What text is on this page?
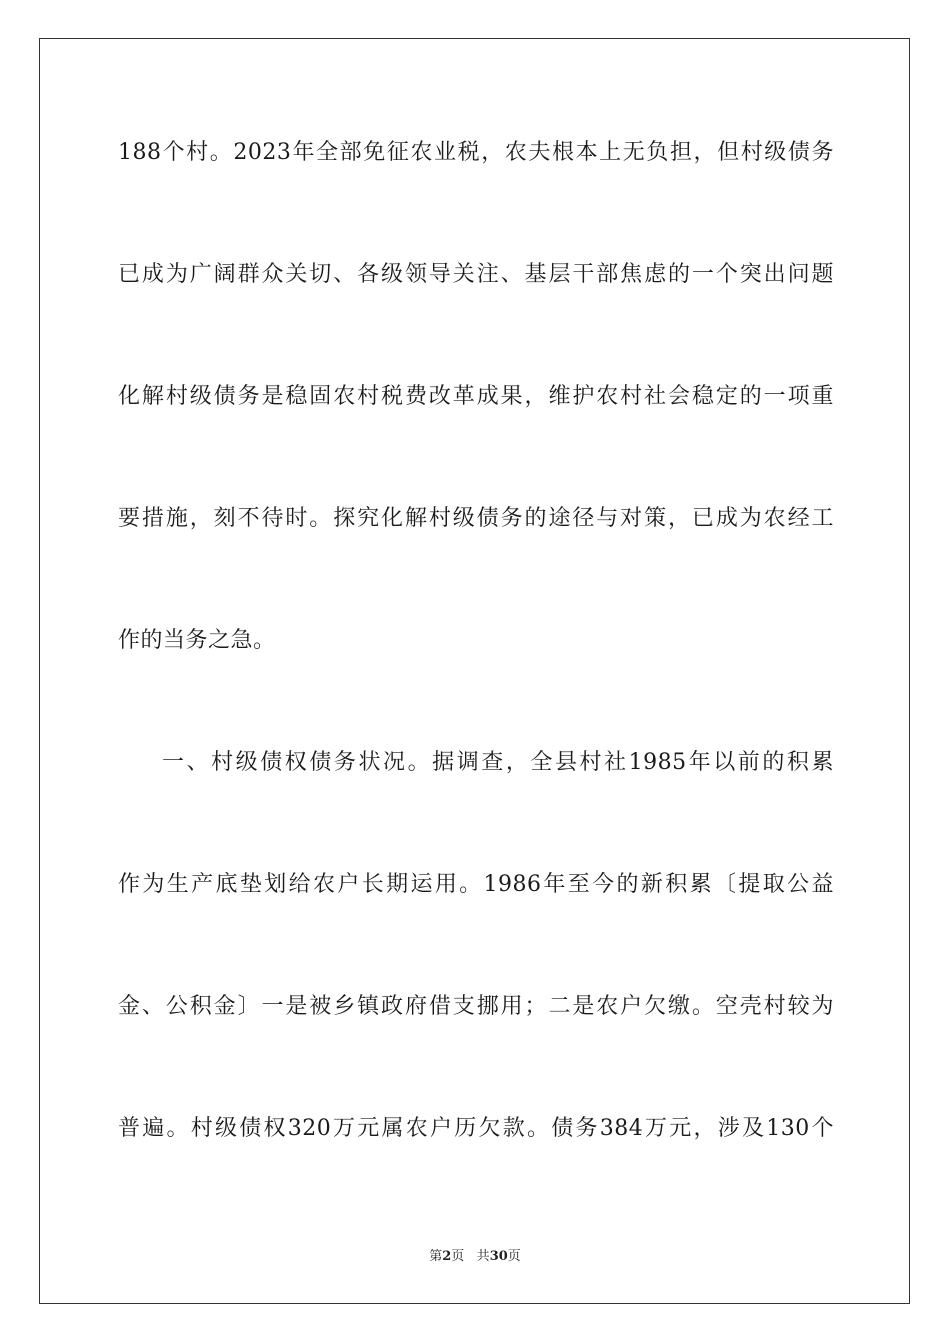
188个村。2023年全部免征农业税，农夫根本上无负担，但村级债务
已成为广阔群众关切、各级领导关注、基层干部焦虑的一个突出问题
化解村级债务是稳固农村税费改革成果，维护农村社会稳定的一项重
要措施，刻不待时。探究化解村级债务的途径与对策，已成为农经工
作的当务之急。
一、村级债权债务状况。据调查，全县村社1985年以前的积累
作为生产底垫划给农户长期运用。1986年至今的新积累〔提取公益
金、公积金〕一是被乡镇政府借支挪用；二是农户欠缴。空壳村较为
普遍。村级债权320万元属农户历欠款。债务384万元，涉及130个
第2页 共30页
